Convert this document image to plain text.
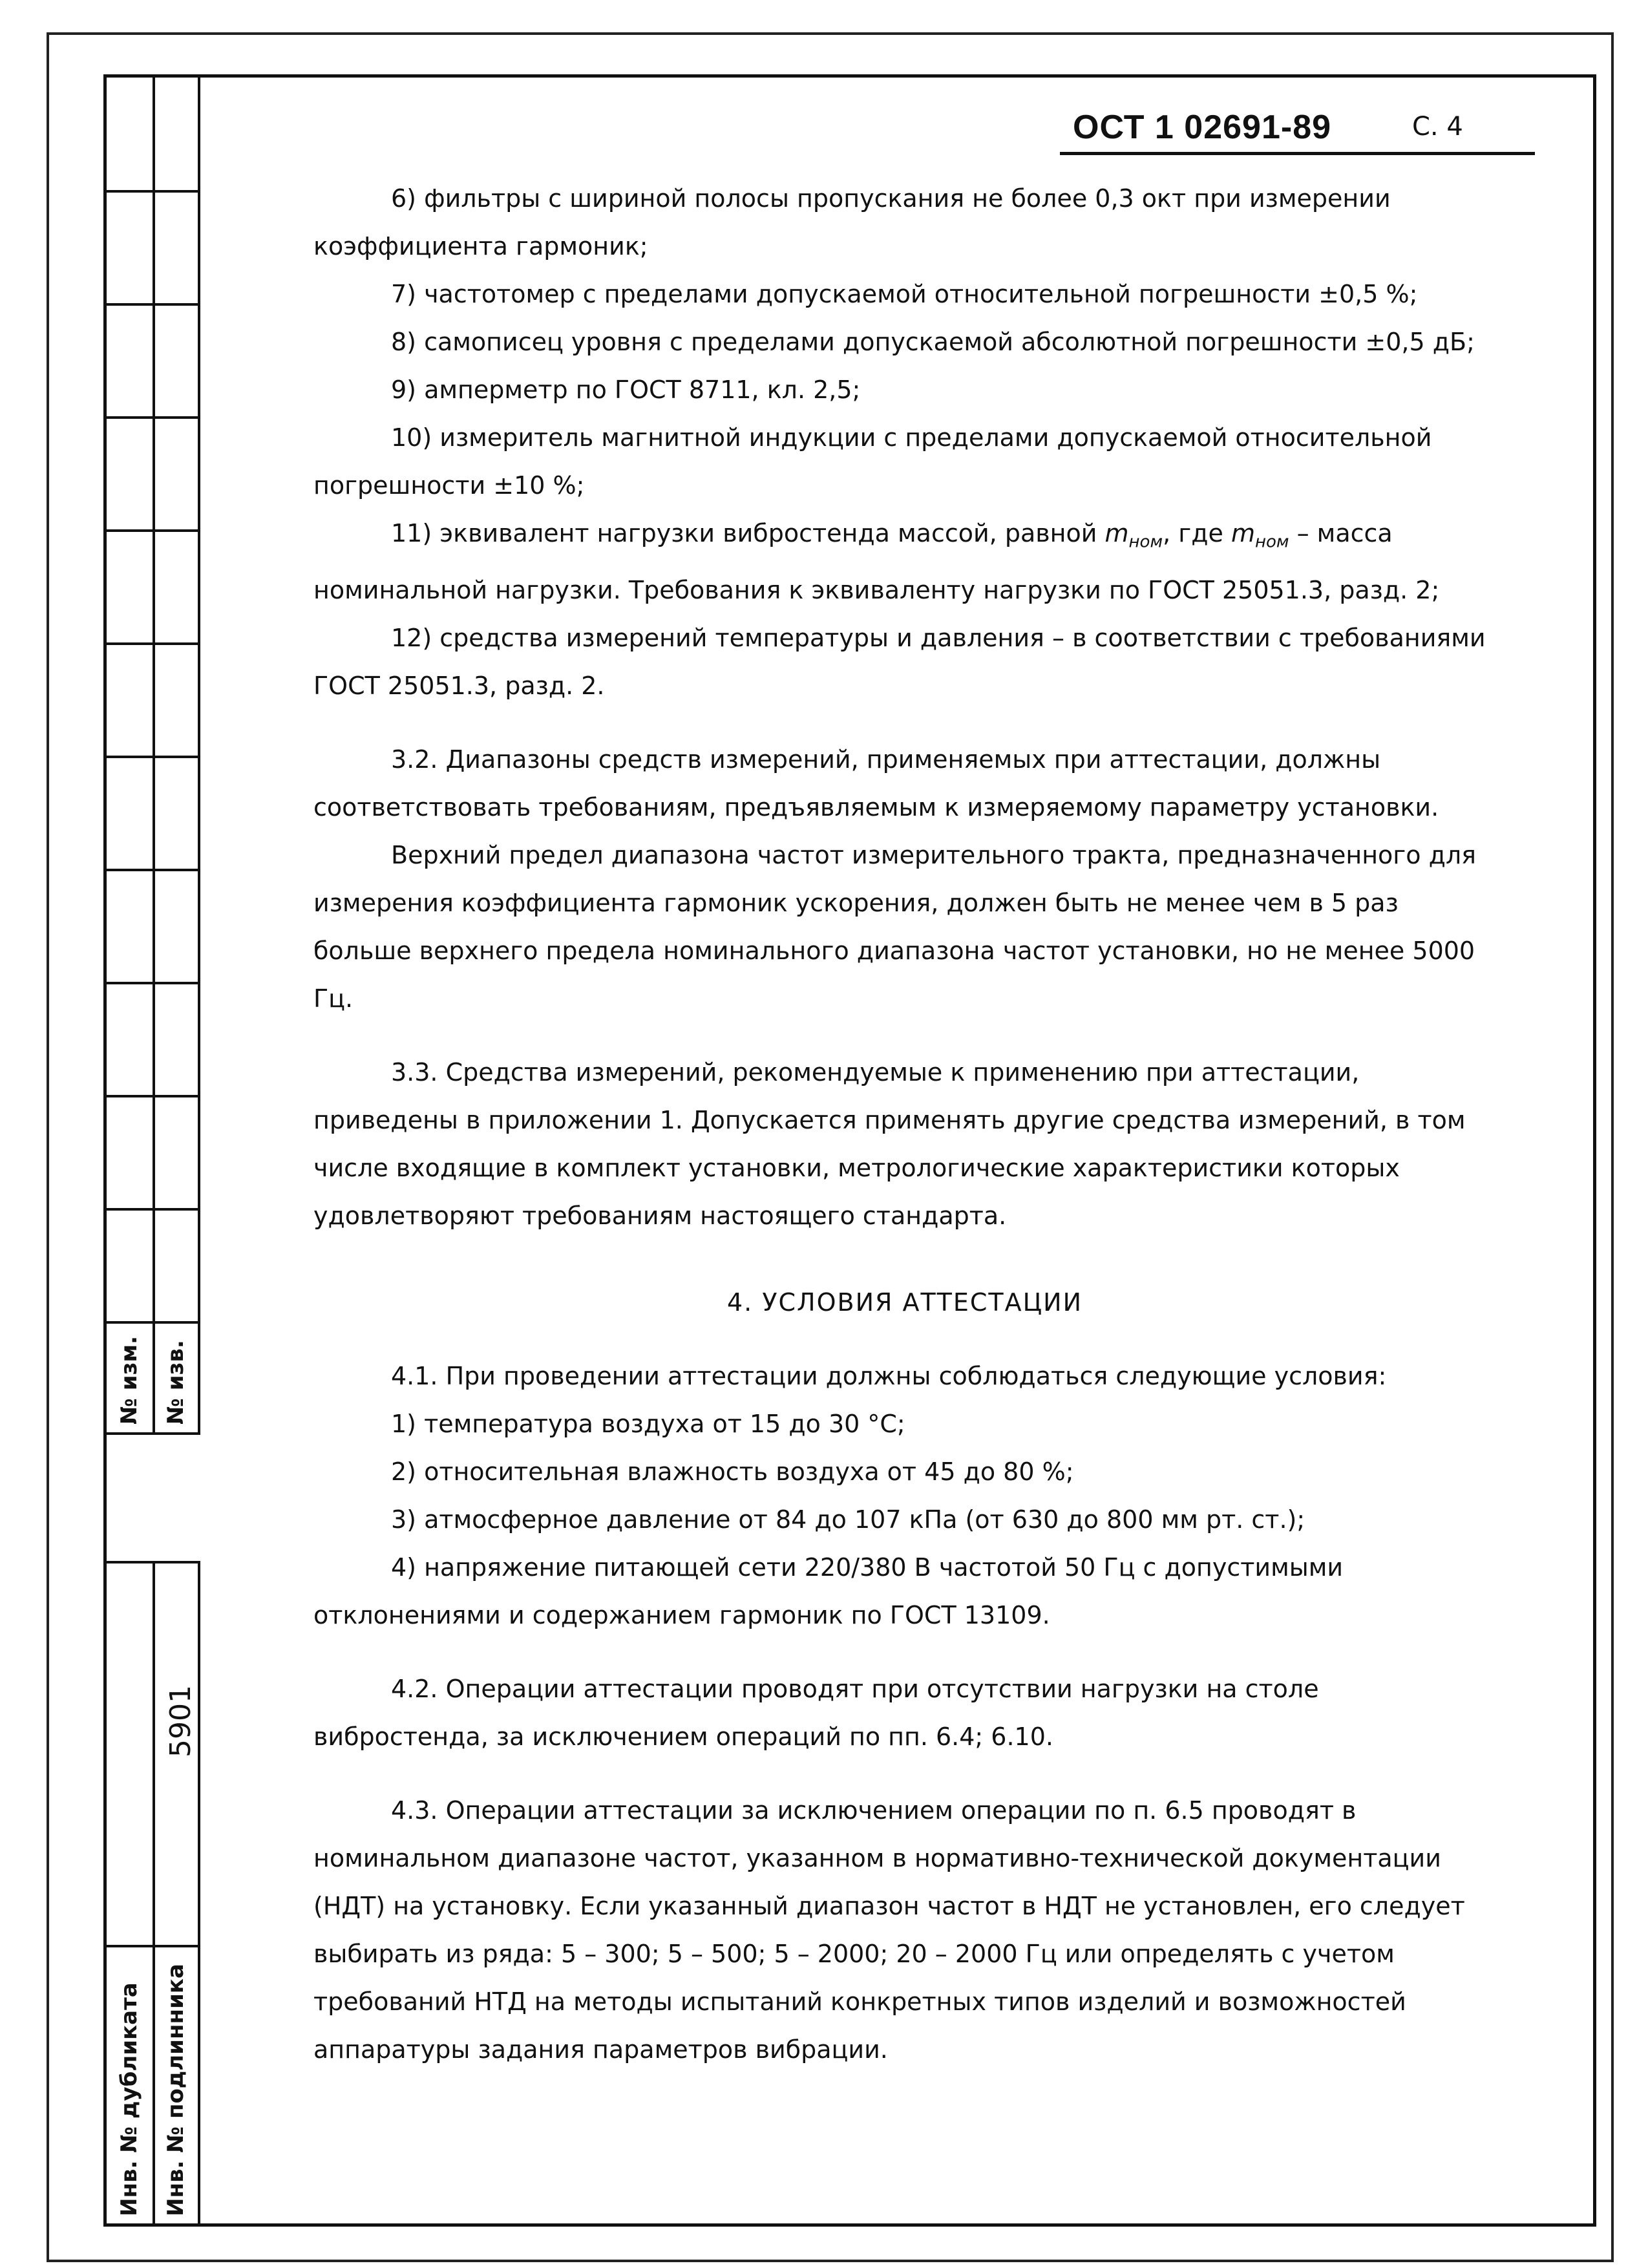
№ изм. № изв.
5901
Инв. № дубликата Инв. № подлинника
ОСТ 1 02691-89	С. 4

6) фильтры с шириной полосы пропускания не более 0,3 окт при измерении коэффициента гармоник;

7) частотомер с пределами допускаемой относительной погрешности ±0,5 %;

8) самописец уровня с пределами допускаемой абсолютной погрешности ±0,5 дБ;

9) амперметр по ГОСТ 8711, кл. 2,5;

10) измеритель магнитной индукции с пределами допускаемой относительной погрешности ±10 %;

11) эквивалент нагрузки вибростенда массой, равной $m_{ном}$, где $m_{ном}$ – масса номинальной нагрузки. Требования к эквиваленту нагрузки по ГОСТ 25051.3, разд. 2;

12) средства измерений температуры и давления – в соответствии с требованиями ГОСТ 25051.3, разд. 2.

3.2. Диапазоны средств измерений, применяемых при аттестации, должны соответствовать требованиям, предъявляемым к измеряемому параметру установки.

Верхний предел диапазона частот измерительного тракта, предназначенного для измерения коэффициента гармоник ускорения, должен быть не менее чем в 5 раз больше верхнего предела номинального диапазона частот установки, но не менее 5000 Гц.

3.3. Средства измерений, рекомендуемые к применению при аттестации, приведены в приложении 1. Допускается применять другие средства измерений, в том числе входящие в комплект установки, метрологические характеристики которых удовлетворяют требованиям настоящего стандарта.

4. УСЛОВИЯ АТТЕСТАЦИИ

4.1. При проведении аттестации должны соблюдаться следующие условия:

1) температура воздуха от 15 до 30 °С;

2) относительная влажность воздуха от 45 до 80 %;

3) атмосферное давление от 84 до 107 кПа (от 630 до 800 мм рт. ст.);

4) напряжение питающей сети 220/380 В частотой 50 Гц с допустимыми отклонениями и содержанием гармоник по ГОСТ 13109.

4.2. Операции аттестации проводят при отсутствии нагрузки на столе вибростенда, за исключением операций по пп. 6.4; 6.10.

4.3. Операции аттестации за исключением операции по п. 6.5 проводят в номинальном диапазоне частот, указанном в нормативно-технической документации (НДТ) на установку. Если указанный диапазон частот в НДТ не установлен, его следует выбирать из ряда: 5 – 300; 5 – 500; 5 – 2000; 20 – 2000 Гц или определять с учетом требований НТД на методы испытаний конкретных типов изделий и возможностей аппаратуры задания параметров вибрации.
